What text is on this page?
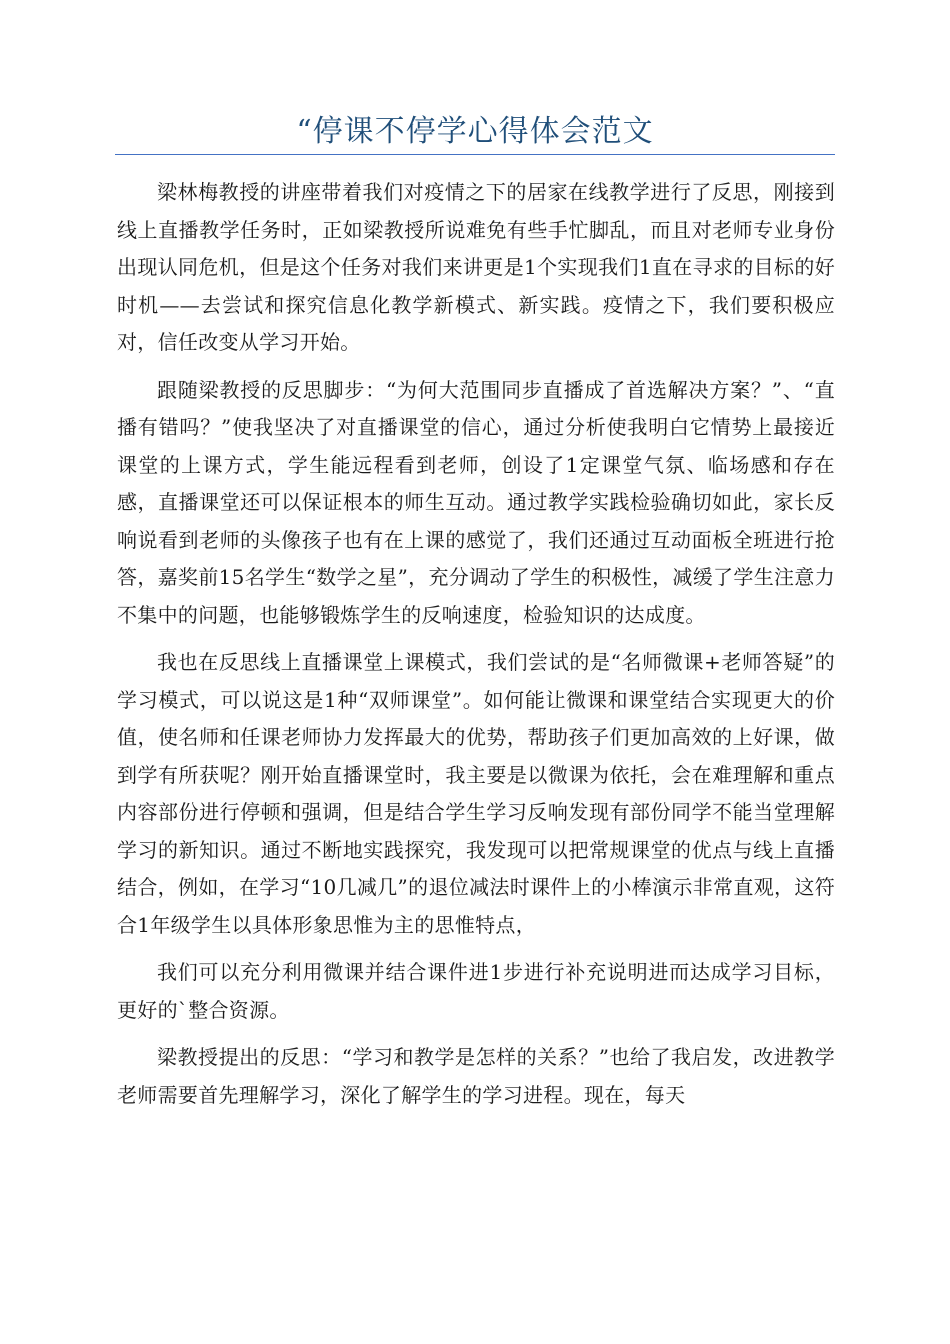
“停课不停学心得体会范文

梁林梅教授的讲座带着我们对疫情之下的居家在线教学进行了反思，刚接到线上直播教学任务时，正如梁教授所说难免有些手忙脚乱，而且对老师专业身份出现认同危机，但是这个任务对我们来讲更是1个实现我们1直在寻求的目标的好时机——去尝试和探究信息化教学新模式、新实践。疫情之下，我们要积极应对，信任改变从学习开始。

跟随梁教授的反思脚步：“为何大范围同步直播成了首选解决方案？”、“直播有错吗？”使我坚决了对直播课堂的信心，通过分析使我明白它情势上最接近课堂的上课方式，学生能远程看到老师，创设了1定课堂气氛、临场感和存在感，直播课堂还可以保证根本的师生互动。通过教学实践检验确切如此，家长反响说看到老师的头像孩子也有在上课的感觉了，我们还通过互动面板全班进行抢答，嘉奖前15名学生“数学之星”，充分调动了学生的积极性，减缓了学生注意力不集中的问题，也能够锻炼学生的反响速度，检验知识的达成度。

我也在反思线上直播课堂上课模式，我们尝试的是“名师微课+老师答疑”的学习模式，可以说这是1种“双师课堂”。如何能让微课和课堂结合实现更大的价值，使名师和任课老师协力发挥最大的优势，帮助孩子们更加高效的上好课，做到学有所获呢？刚开始直播课堂时，我主要是以微课为依托，会在难理解和重点内容部份进行停顿和强调，但是结合学生学习反响发现有部份同学不能当堂理解学习的新知识。通过不断地实践探究，我发现可以把常规课堂的优点与线上直播结合，例如，在学习“10几减几”的退位减法时课件上的小棒演示非常直观，这符合1年级学生以具体形象思惟为主的思惟特点，

我们可以充分利用微课并结合课件进1步进行补充说明进而达成学习目标，更好的`整合资源。

梁教授提出的反思：“学习和教学是怎样的关系？”也给了我启发，改进教学老师需要首先理解学习，深化了解学生的学习进程。现在，每天
